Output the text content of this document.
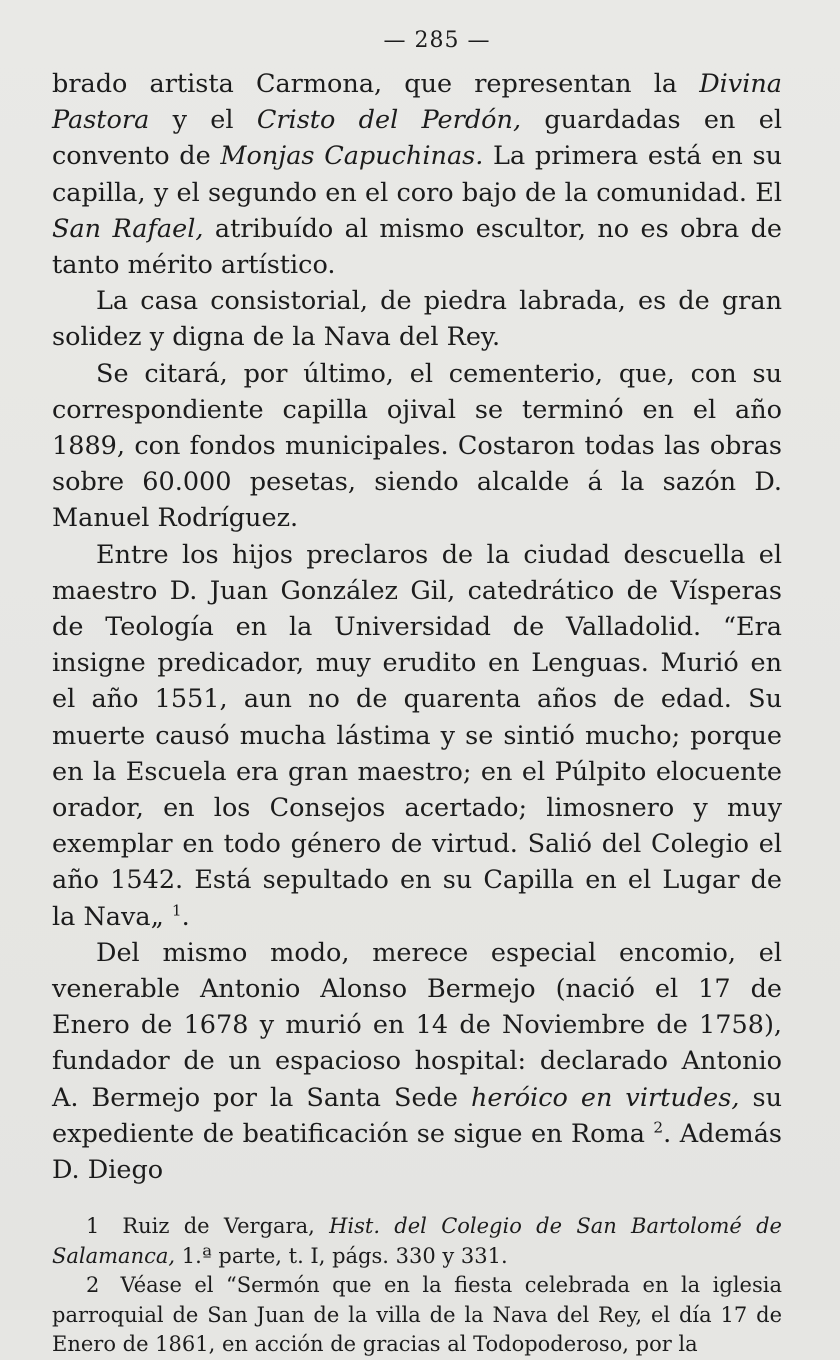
— 285 —

brado artista Carmona, que representan la Divina Pastora y el Cristo del Perdón, guardadas en el convento de Monjas Capuchinas. La primera está en su capilla, y el segundo en el coro bajo de la comunidad. El San Rafael, atribuído al mismo escultor, no es obra de tanto mérito artístico.

La casa consistorial, de piedra labrada, es de gran solidez y digna de la Nava del Rey.

Se citará, por último, el cementerio, que, con su correspondiente capilla ojival se terminó en el año 1889, con fondos municipales. Costaron todas las obras sobre 60.000 pesetas, siendo alcalde á la sazón D. Manuel Rodríguez.

Entre los hijos preclaros de la ciudad descuella el maestro D. Juan González Gil, catedrático de Vísperas de Teología en la Universidad de Valladolid. “Era insigne predicador, muy erudito en Lenguas. Murió en el año 1551, aun no de quarenta años de edad. Su muerte causó mucha lástima y se sintió mucho; porque en la Escuela era gran maestro; en el Púlpito elocuente orador, en los Consejos acertado; limosnero y muy exemplar en todo género de virtud. Salió del Colegio el año 1542. Está sepultado en su Capilla en el Lugar de la Nava„ $^1$.

Del mismo modo, merece especial encomio, el venerable Antonio Alonso Bermejo (nació el 17 de Enero de 1678 y murió en 14 de Noviembre de 1758), fundador de un espacioso hospital: declarado Antonio A. Bermejo por la Santa Sede heróico en virtudes, su expediente de beatificación se sigue en Roma $^2$. Además D. Diego

1 Ruiz de Vergara, Hist. del Colegio de San Bartolomé de Salamanca, 1.ª parte, t. I, págs. 330 y 331.

2 Véase el “Sermón que en la fiesta celebrada en la iglesia parroquial de San Juan de la villa de la Nava del Rey, el día 17 de Enero de 1861, en acción de gracias al Todopoderoso, por la
